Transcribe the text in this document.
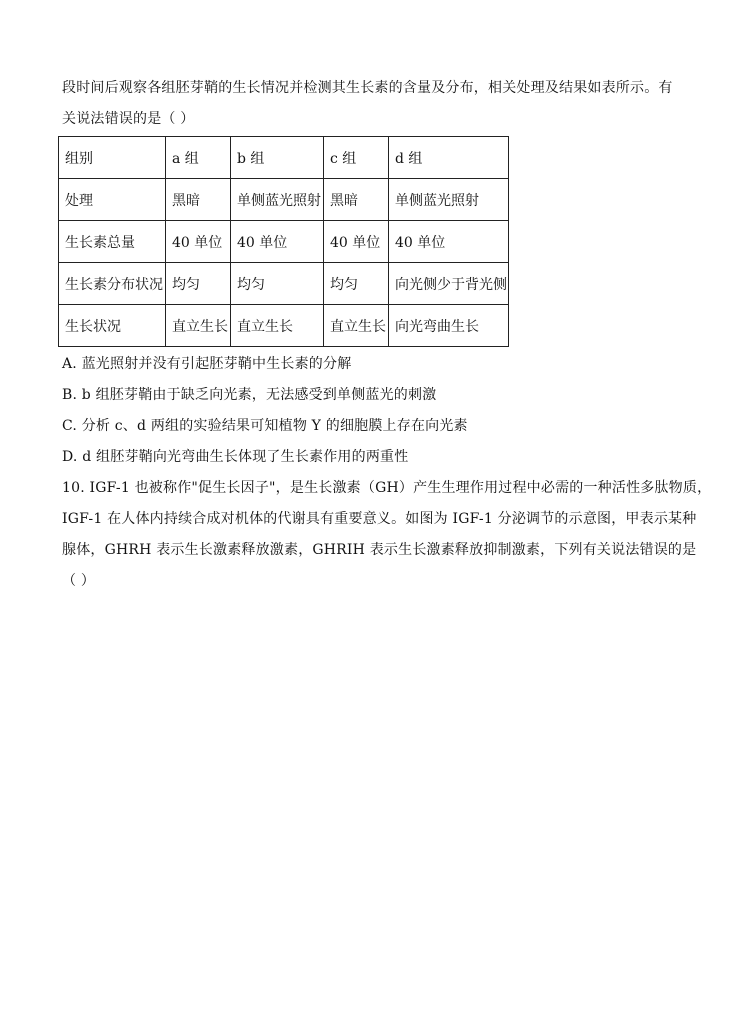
段时间后观察各组胚芽鞘的生长情况并检测其生长素的含量及分布，相关处理及结果如表所示。有
关说法错误的是（ ）
组别	a 组	b 组	c 组	d 组
处理	黑暗	单侧蓝光照射	黑暗	单侧蓝光照射
生长素总量	40 单位	40 单位	40 单位	40 单位
生长素分布状况	均匀	均匀	均匀	向光侧少于背光侧
生长状况	直立生长	直立生长	直立生长	向光弯曲生长
A. 蓝光照射并没有引起胚芽鞘中生长素的分解
B. b 组胚芽鞘由于缺乏向光素，无法感受到单侧蓝光的刺激
C. 分析 c、d 两组的实验结果可知植物 Y 的细胞膜上存在向光素
D. d 组胚芽鞘向光弯曲生长体现了生长素作用的两重性
10. IGF-1 也被称作"促生长因子"，是生长激素（GH）产生生理作用过程中必需的一种活性多肽物质，
IGF-1 在人体内持续合成对机体的代谢具有重要意义。如图为 IGF-1 分泌调节的示意图，甲表示某种
腺体，GHRH 表示生长激素释放激素，GHRIH 表示生长激素释放抑制激素，下列有关说法错误的是
（ ）
